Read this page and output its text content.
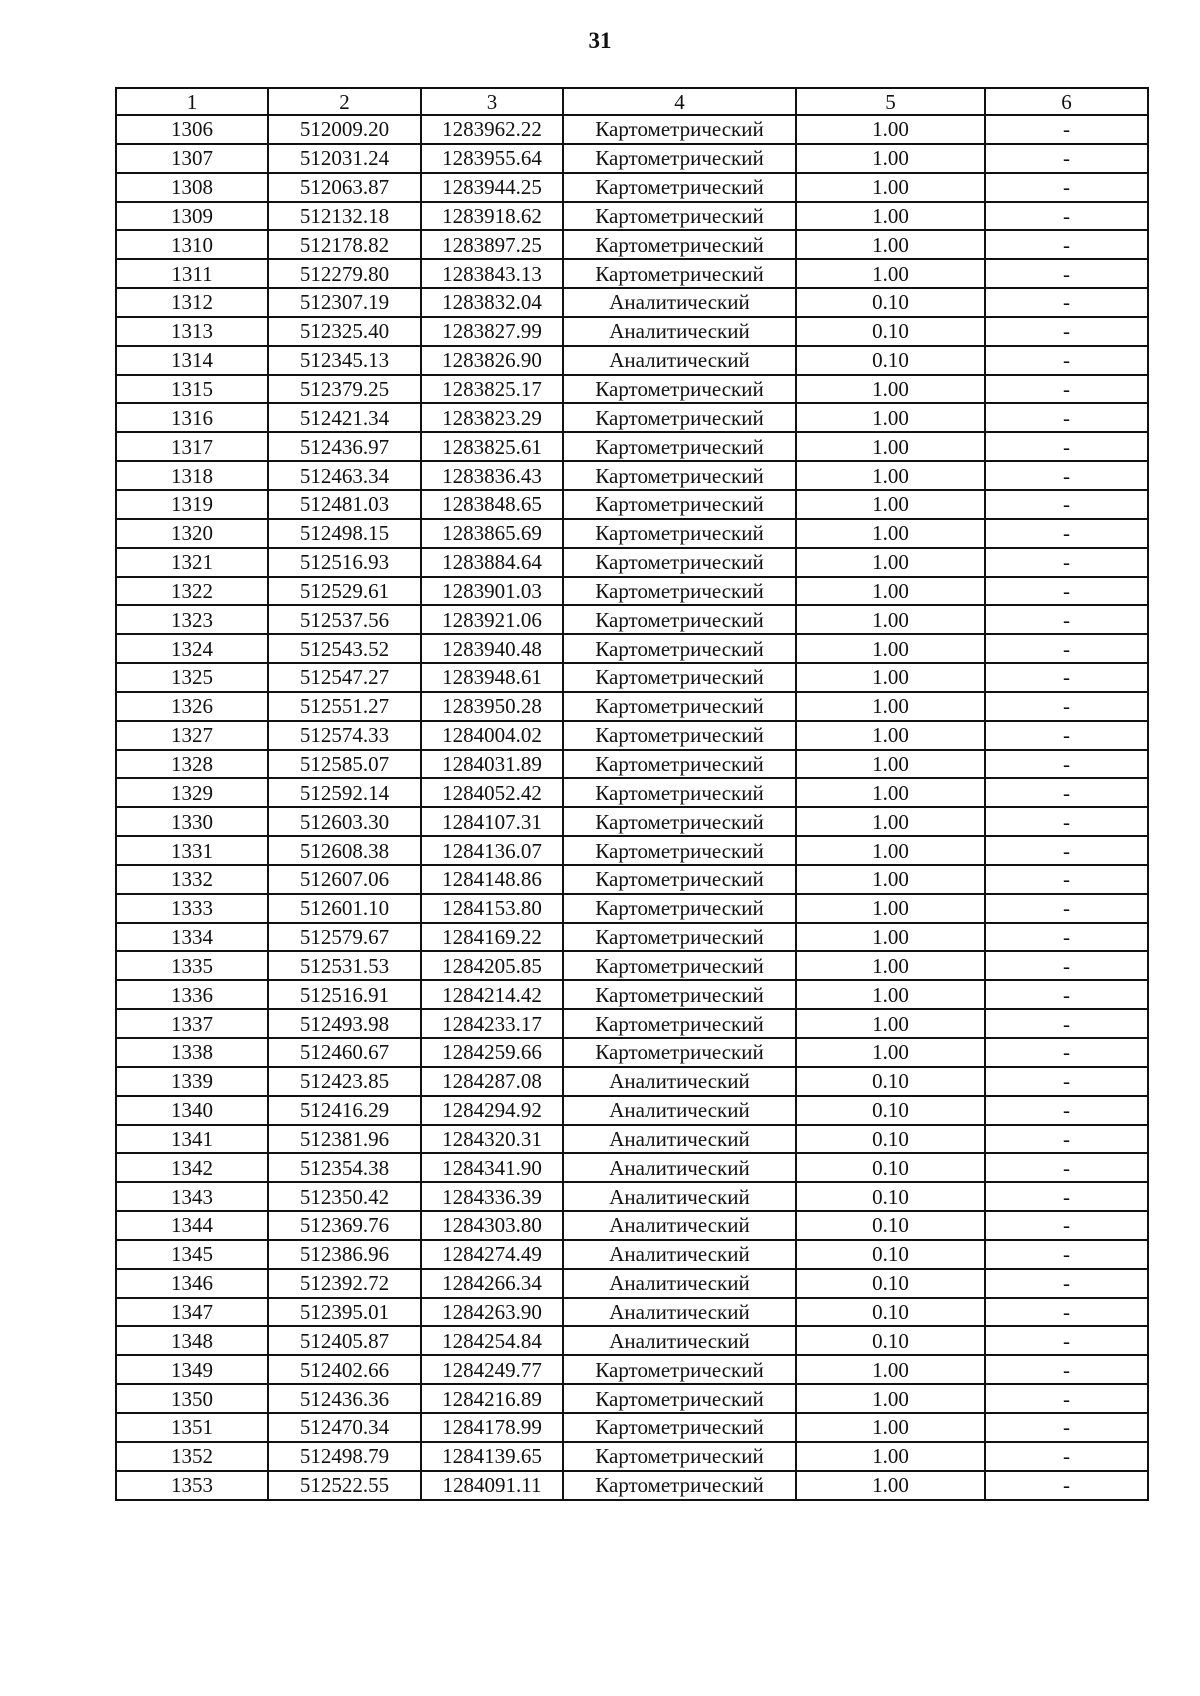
31
1	2	3	4	5	6
1306	512009.20	1283962.22	Картометрический	1.00	-
1307	512031.24	1283955.64	Картометрический	1.00	-
1308	512063.87	1283944.25	Картометрический	1.00	-
1309	512132.18	1283918.62	Картометрический	1.00	-
1310	512178.82	1283897.25	Картометрический	1.00	-
1311	512279.80	1283843.13	Картометрический	1.00	-
1312	512307.19	1283832.04	Аналитический	0.10	-
1313	512325.40	1283827.99	Аналитический	0.10	-
1314	512345.13	1283826.90	Аналитический	0.10	-
1315	512379.25	1283825.17	Картометрический	1.00	-
1316	512421.34	1283823.29	Картометрический	1.00	-
1317	512436.97	1283825.61	Картометрический	1.00	-
1318	512463.34	1283836.43	Картометрический	1.00	-
1319	512481.03	1283848.65	Картометрический	1.00	-
1320	512498.15	1283865.69	Картометрический	1.00	-
1321	512516.93	1283884.64	Картометрический	1.00	-
1322	512529.61	1283901.03	Картометрический	1.00	-
1323	512537.56	1283921.06	Картометрический	1.00	-
1324	512543.52	1283940.48	Картометрический	1.00	-
1325	512547.27	1283948.61	Картометрический	1.00	-
1326	512551.27	1283950.28	Картометрический	1.00	-
1327	512574.33	1284004.02	Картометрический	1.00	-
1328	512585.07	1284031.89	Картометрический	1.00	-
1329	512592.14	1284052.42	Картометрический	1.00	-
1330	512603.30	1284107.31	Картометрический	1.00	-
1331	512608.38	1284136.07	Картометрический	1.00	-
1332	512607.06	1284148.86	Картометрический	1.00	-
1333	512601.10	1284153.80	Картометрический	1.00	-
1334	512579.67	1284169.22	Картометрический	1.00	-
1335	512531.53	1284205.85	Картометрический	1.00	-
1336	512516.91	1284214.42	Картометрический	1.00	-
1337	512493.98	1284233.17	Картометрический	1.00	-
1338	512460.67	1284259.66	Картометрический	1.00	-
1339	512423.85	1284287.08	Аналитический	0.10	-
1340	512416.29	1284294.92	Аналитический	0.10	-
1341	512381.96	1284320.31	Аналитический	0.10	-
1342	512354.38	1284341.90	Аналитический	0.10	-
1343	512350.42	1284336.39	Аналитический	0.10	-
1344	512369.76	1284303.80	Аналитический	0.10	-
1345	512386.96	1284274.49	Аналитический	0.10	-
1346	512392.72	1284266.34	Аналитический	0.10	-
1347	512395.01	1284263.90	Аналитический	0.10	-
1348	512405.87	1284254.84	Аналитический	0.10	-
1349	512402.66	1284249.77	Картометрический	1.00	-
1350	512436.36	1284216.89	Картометрический	1.00	-
1351	512470.34	1284178.99	Картометрический	1.00	-
1352	512498.79	1284139.65	Картометрический	1.00	-
1353	512522.55	1284091.11	Картометрический	1.00	-
